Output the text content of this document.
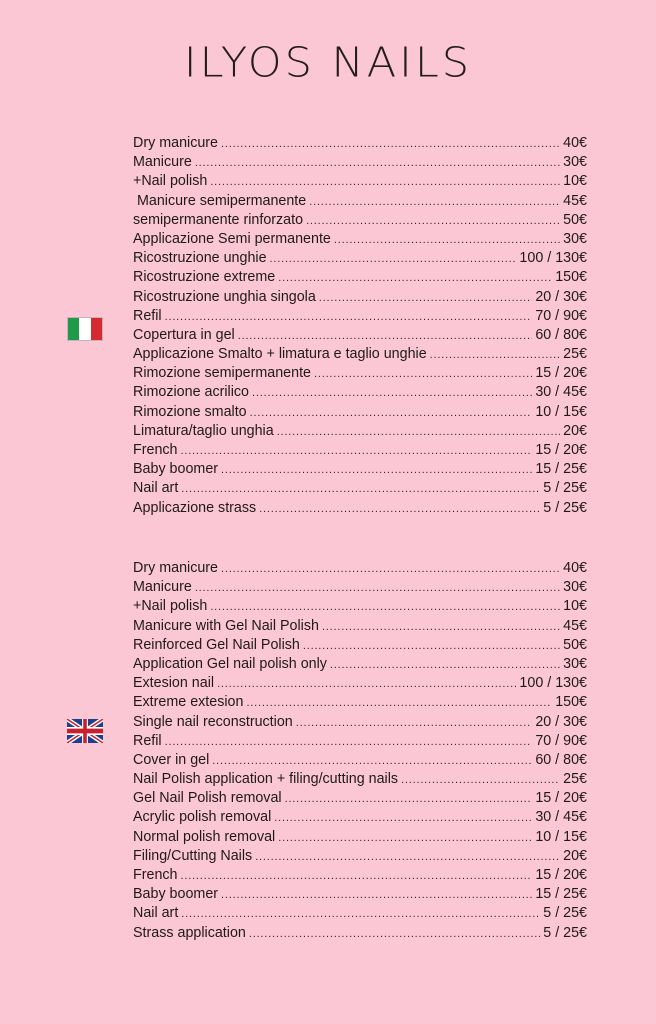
ILYOS NAILS
Dry manicure .....	40€
Manicure .....	30€
+Nail polish .....	10€
Manicure semipermanente .....	45€
semipermanente rinforzato .....	50€
Applicazione Semi permanente .....	30€
Ricostruzione unghie .....	100 / 130€
Ricostruzione extreme .....	150€
Ricostruzione unghia singola .....	20 / 30€
Refil .....	70 / 90€
Copertura in gel .....	60 / 80€
Applicazione Smalto + limatura e taglio unghie .....	25€
Rimozione semipermanente .....	15 / 20€
Rimozione acrilico .....	30 / 45€
Rimozione smalto .....	10 / 15€
Limatura/taglio unghia .....	20€
French .....	15 / 20€
Baby boomer .....	15 / 25€
Nail art .....	5 / 25€
Applicazione strass .....	5 / 25€
Dry manicure .....	40€
Manicure .....	30€
+Nail polish .....	10€
Manicure with Gel Nail Polish .....	45€
Reinforced Gel Nail Polish .....	50€
Application Gel nail polish only .....	30€
Extesion nail .....	100 / 130€
Extreme extesion .....	150€
Single nail reconstruction .....	20 / 30€
Refil .....	70 / 90€
Cover in gel .....	60 / 80€
Nail Polish application + filing/cutting nails .....	25€
Gel Nail Polish removal .....	15 / 20€
Acrylic polish removal .....	30 / 45€
Normal polish removal .....	10 / 15€
Filing/Cutting Nails .....	20€
French .....	15 / 20€
Baby boomer .....	15 / 25€
Nail art .....	5 / 25€
Strass application .....	5 / 25€
